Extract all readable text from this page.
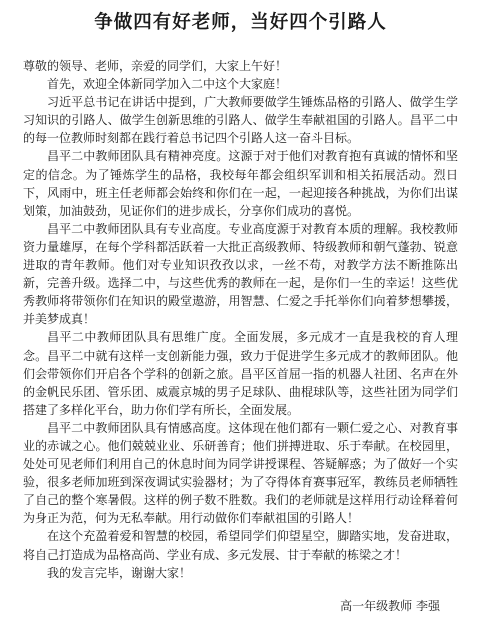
争做四有好老师，当好四个引路人

尊敬的领导、老师，亲爱的同学们，大家上午好！

首先，欢迎全体新同学加入二中这个大家庭！

习近平总书记在讲话中提到，广大教师要做学生锤炼品格的引路人、做学生学习知识的引路人、做学生创新思维的引路人、做学生奉献祖国的引路人。昌平二中的每一位教师时刻都在践行着总书记四个引路人这一奋斗目标。

昌平二中教师团队具有精神亮度。这源于对于他们对教育抱有真诚的情怀和坚定的信念。为了锤炼学生的品格，我校每年都会组织军训和相关拓展活动。烈日下，风雨中，班主任老师都会始终和你们在一起，一起迎接各种挑战，为你们出谋划策，加油鼓劲，见证你们的进步成长，分享你们成功的喜悦。

昌平二中教师团队具有专业高度。专业高度源于对教育本质的理解。我校教师资力量雄厚，在每个学科都活跃着一大批正高级教师、特级教师和朝气蓬勃、锐意进取的青年教师。他们对专业知识孜孜以求，一丝不苟，对教学方法不断推陈出新，完善升级。选择二中，与这些优秀的教师在一起，是你们一生的幸运！这些优秀教师将带领你们在知识的殿堂遨游，用智慧、仁爱之手托举你们向着梦想攀援，并美梦成真！

昌平二中教师团队具有思维广度。全面发展，多元成才一直是我校的育人理念。昌平二中就有这样一支创新能力强，致力于促进学生多元成才的教师团队。他们会带领你们开启各个学科的创新之旅。昌平区首屈一指的机器人社团、名声在外的金帆民乐团、管乐团、威震京城的男子足球队、曲棍球队等，这些社团为同学们搭建了多样化平台，助力你们学有所长，全面发展。

昌平二中教师团队具有情感高度。这体现在他们都有一颗仁爱之心、对教育事业的赤诚之心。他们兢兢业业、乐研善育；他们拼搏进取、乐于奉献。在校园里，处处可见老师们利用自己的休息时间为同学讲授课程、答疑解惑；为了做好一个实验，很多老师加班到深夜调试实验器材；为了夺得体育赛事冠军，教练员老师牺牲了自己的整个寒暑假。这样的例子数不胜数。我们的老师就是这样用行动诠释着何为身正为范，何为无私奉献。用行动做你们奉献祖国的引路人！

在这个充盈着爱和智慧的校园，希望同学们仰望星空，脚踏实地，发奋进取，将自己打造成为品格高尚、学业有成、多元发展、甘于奉献的栋梁之才！

我的发言完毕，谢谢大家！

高一年级教师 李强
